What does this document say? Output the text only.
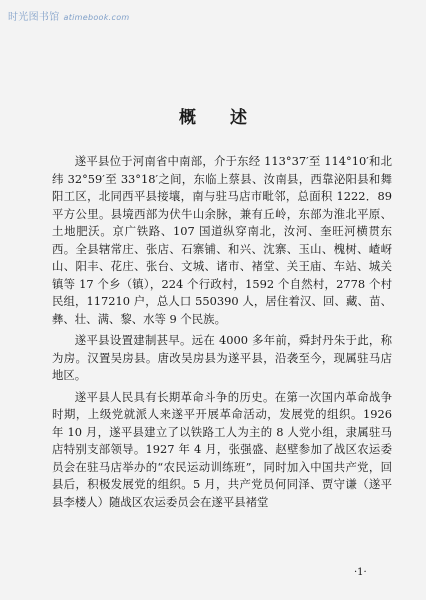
时光图书馆 atimebook.com
概 述

遂平县位于河南省中南部，介于东经 113°37′至 114°10′和北纬 32°59′至 33°18′之间，东临上蔡县、汝南县，西靠泌阳县和舞阳工区，北同西平县接壤，南与驻马店市毗邻，总面积 1222．89 平方公里。县境西部为伏牛山余脉，兼有丘岭，东部为淮北平原、土地肥沃。京广铁路、107 国道纵穿南北，汝河、奎旺河横贯东西。全县辖常庄、张店、石寨铺、和兴、沈寨、玉山、槐树、嵖岈山、阳丰、花庄、张台、文城、诸市、褚堂、关王庙、车站、城关镇等 17 个乡（镇），224 个行政村，1592 个自然村，2778 个村民组，117210 户，总人口 550390 人，居住着汉、回、藏、苗、彝、壮、满、黎、水等 9 个民族。

遂平县设置建制甚早。远在 4000 多年前，舜封丹朱于此，称为房。汉置吴房县。唐改吴房县为遂平县，沿袭至今，现属驻马店地区。

遂平县人民具有长期革命斗争的历史。在第一次国内革命战争时期，上级党就派人来遂平开展革命活动，发展党的组织。1926 年 10 月，遂平县建立了以铁路工人为主的 8 人党小组，隶属驻马店特别支部领导。1927 年 4 月，张强盛、赵壁参加了战区农运委员会在驻马店举办的“农民运动训练班”，同时加入中国共产党，回县后，积极发展党的组织。5 月，共产党员何同泽、贾守谦（遂平县李楼人）随战区农运委员会在遂平县褚堂

·1·
